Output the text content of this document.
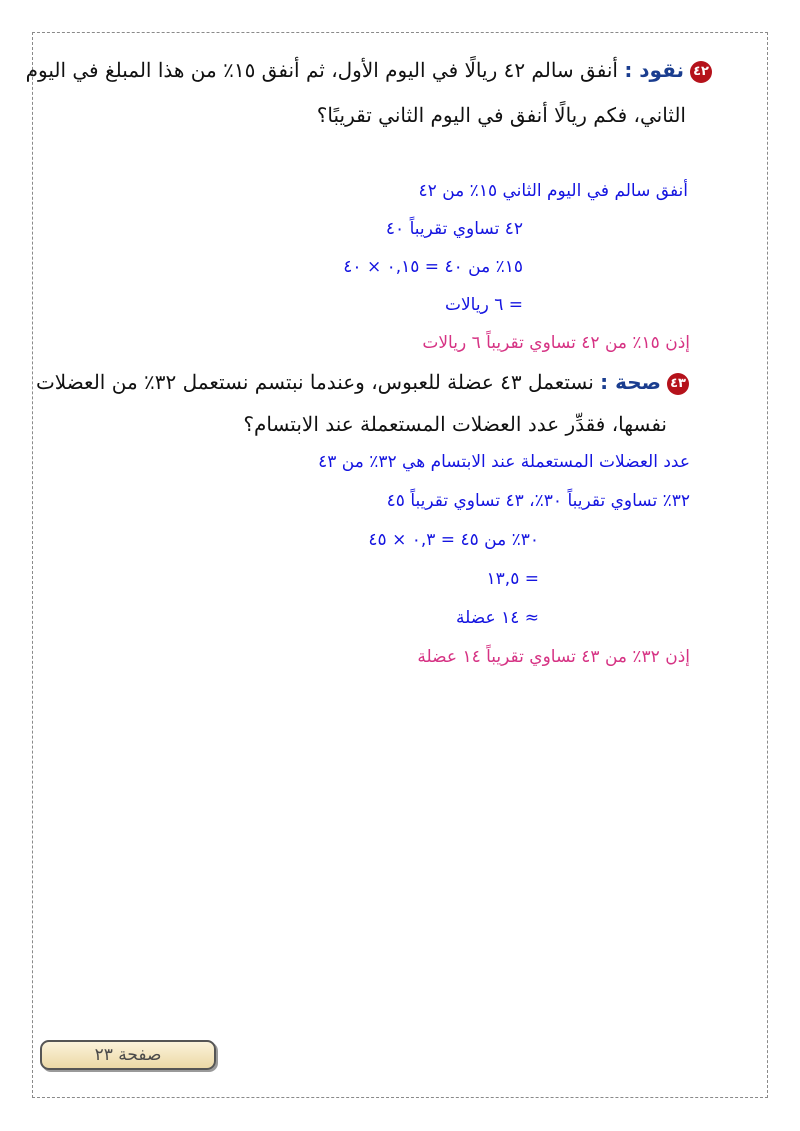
٤٢نقود : أنفق سالم ٤٢ ريالًا في اليوم الأول، ثم أنفق ١٥٪ من هذا المبلغ في اليوم
الثاني، فكم ريالًا أنفق في اليوم الثاني تقريبًا؟
أنفق سالم في اليوم الثاني ١٥٪ من ٤٢
٤٢ تساوي تقريباً ٤٠
١٥٪ من ٤٠ = ٠,١٥ × ٤٠
= ٦ ريالات
إذن ١٥٪ من ٤٢ تساوي تقريباً ٦ ريالات
٤٣صحة : نستعمل ٤٣ عضلة للعبوس، وعندما نبتسم نستعمل ٣٢٪ من العضلات
نفسها، فقدِّر عدد العضلات المستعملة عند الابتسام؟
عدد العضلات المستعملة عند الابتسام هي ٣٢٪ من ٤٣
٣٢٪ تساوي تقريباً ٣٠٪، ٤٣ تساوي تقريباً ٤٥
٣٠٪ من ٤٥ = ٠,٣ × ٤٥
= ١٣,٥
≈ ١٤ عضلة
إذن ٣٢٪ من ٤٣ تساوي تقريباً ١٤ عضلة
صفحة ٢٣
